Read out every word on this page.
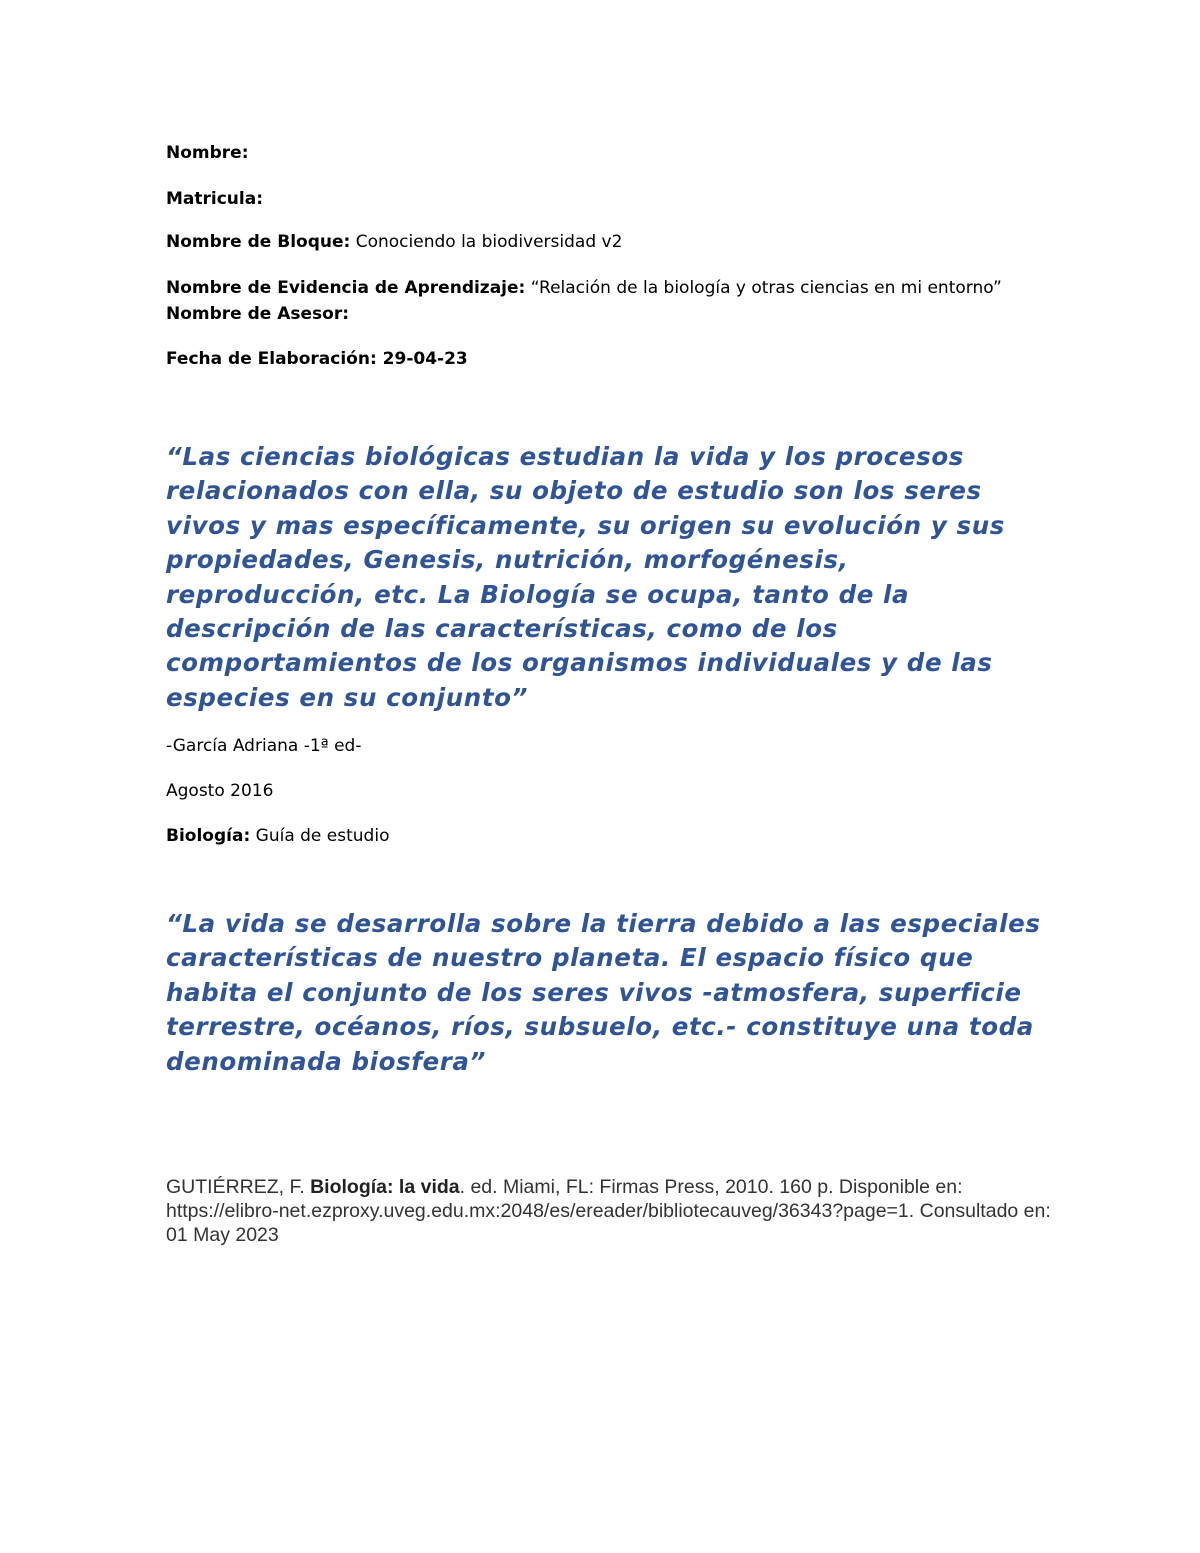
Nombre:
Matricula:
Nombre de Bloque: Conociendo la biodiversidad v2
Nombre de Evidencia de Aprendizaje: “Relación de la biología y otras ciencias en mi entorno”
Nombre de Asesor:
Fecha de Elaboración: 29-04-23

“Las ciencias biológicas estudian la vida y los procesos relacionados con ella, su objeto de estudio son los seres vivos y mas específicamente, su origen su evolución y sus propiedades, Genesis, nutrición, morfogénesis, reproducción, etc. La Biología se ocupa, tanto de la descripción de las características, como de los comportamientos de los organismos individuales y de las especies en su conjunto”

-García Adriana -1ª ed-
Agosto 2016
Biología: Guía de estudio

“La vida se desarrolla sobre la tierra debido a las especiales características de nuestro planeta. El espacio físico que habita el conjunto de los seres vivos -atmosfera, superficie terrestre, océanos, ríos, subsuelo, etc.- constituye una toda denominada biosfera”

GUTIÉRREZ, F. Biología: la vida. ed. Miami, FL: Firmas Press, 2010. 160 p. Disponible en: https://elibro-net.ezproxy.uveg.edu.mx:2048/es/ereader/bibliotecauveg/36343?page=1. Consultado en: 01 May 2023
